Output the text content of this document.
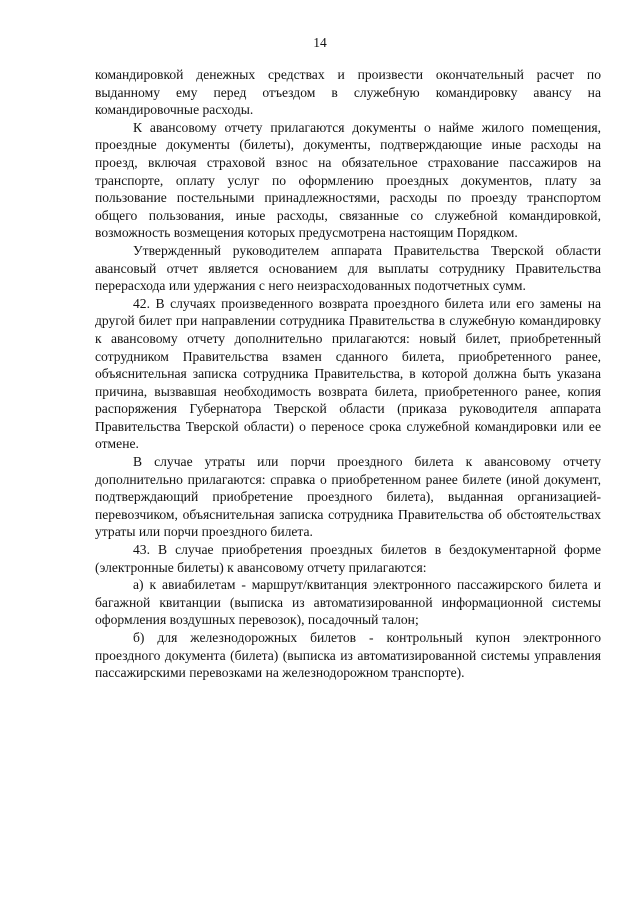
14

командировкой денежных средствах и произвести окончательный расчет по выданному ему перед отъездом в служебную командировку авансу на командировочные расходы.

К авансовому отчету прилагаются документы о найме жилого помещения, проездные документы (билеты), документы, подтверждающие иные расходы на проезд, включая страховой взнос на обязательное страхование пассажиров на транспорте, оплату услуг по оформлению проездных документов, плату за пользование постельными принадлежностями, расходы по проезду транспортом общего пользования, иные расходы, связанные со служебной командировкой, возможность возмещения которых предусмотрена настоящим Порядком.

Утвержденный руководителем аппарата Правительства Тверской области авансовый отчет является основанием для выплаты сотруднику Правительства перерасхода или удержания с него неизрасходованных подотчетных сумм.

42. В случаях произведенного возврата проездного билета или его замены на другой билет при направлении сотрудника Правительства в служебную командировку к авансовому отчету дополнительно прилагаются: новый билет, приобретенный сотрудником Правительства взамен сданного билета, приобретенного ранее, объяснительная записка сотрудника Правительства, в которой должна быть указана причина, вызвавшая необходимость возврата билета, приобретенного ранее, копия распоряжения Губернатора Тверской области (приказа руководителя аппарата Правительства Тверской области) о переносе срока служебной командировки или ее отмене.

В случае утраты или порчи проездного билета к авансовому отчету дополнительно прилагаются: справка о приобретенном ранее билете (иной документ, подтверждающий приобретение проездного билета), выданная организацией-перевозчиком, объяснительная записка сотрудника Правительства об обстоятельствах утраты или порчи проездного билета.

43. В случае приобретения проездных билетов в бездокументарной форме (электронные билеты) к авансовому отчету прилагаются:

а) к авиабилетам - маршрут/квитанция электронного пассажирского билета и багажной квитанции (выписка из автоматизированной информационной системы оформления воздушных перевозок), посадочный талон;

б) для железнодорожных билетов - контрольный купон электронного проездного документа (билета) (выписка из автоматизированной системы управления пассажирскими перевозками на железнодорожном транспорте).
